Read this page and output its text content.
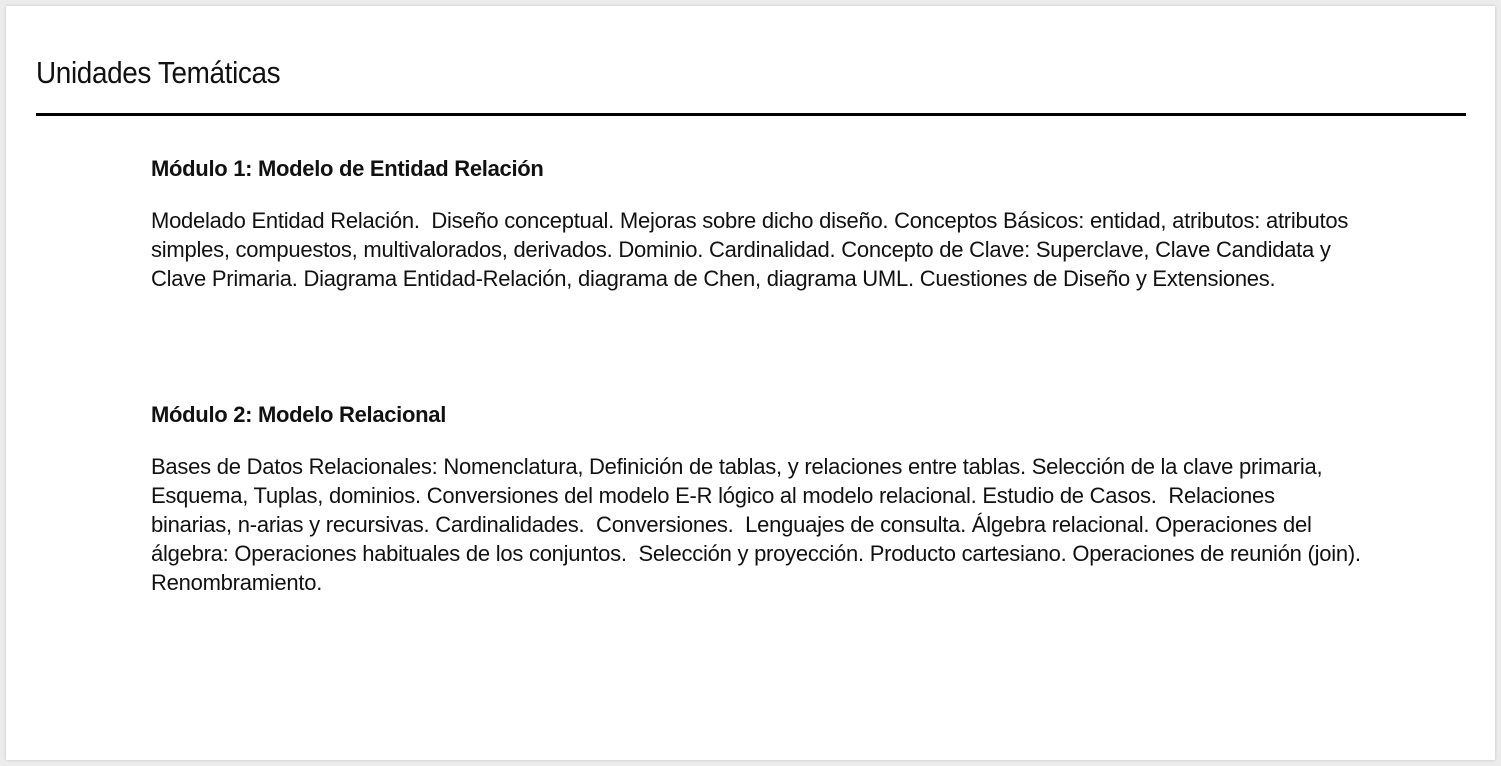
Unidades Temáticas
Módulo 1: Modelo de Entidad Relación

Modelado Entidad Relación.  Diseño conceptual. Mejoras sobre dicho diseño. Conceptos Básicos: entidad, atributos: atributos simples, compuestos, multivalorados, derivados. Dominio. Cardinalidad. Concepto de Clave: Superclave, Clave Candidata y Clave Primaria. Diagrama Entidad-Relación, diagrama de Chen, diagrama UML. Cuestiones de Diseño y Extensiones.

Módulo 2: Modelo Relacional

Bases de Datos Relacionales: Nomenclatura, Definición de tablas, y relaciones entre tablas. Selección de la clave primaria, Esquema, Tuplas, dominios. Conversiones del modelo E-R lógico al modelo relacional. Estudio de Casos.  Relaciones binarias, n-arias y recursivas. Cardinalidades.  Conversiones.  Lenguajes de consulta. Álgebra relacional. Operaciones del álgebra: Operaciones habituales de los conjuntos.  Selección y proyección. Producto cartesiano. Operaciones de reunión (join). Renombramiento.
